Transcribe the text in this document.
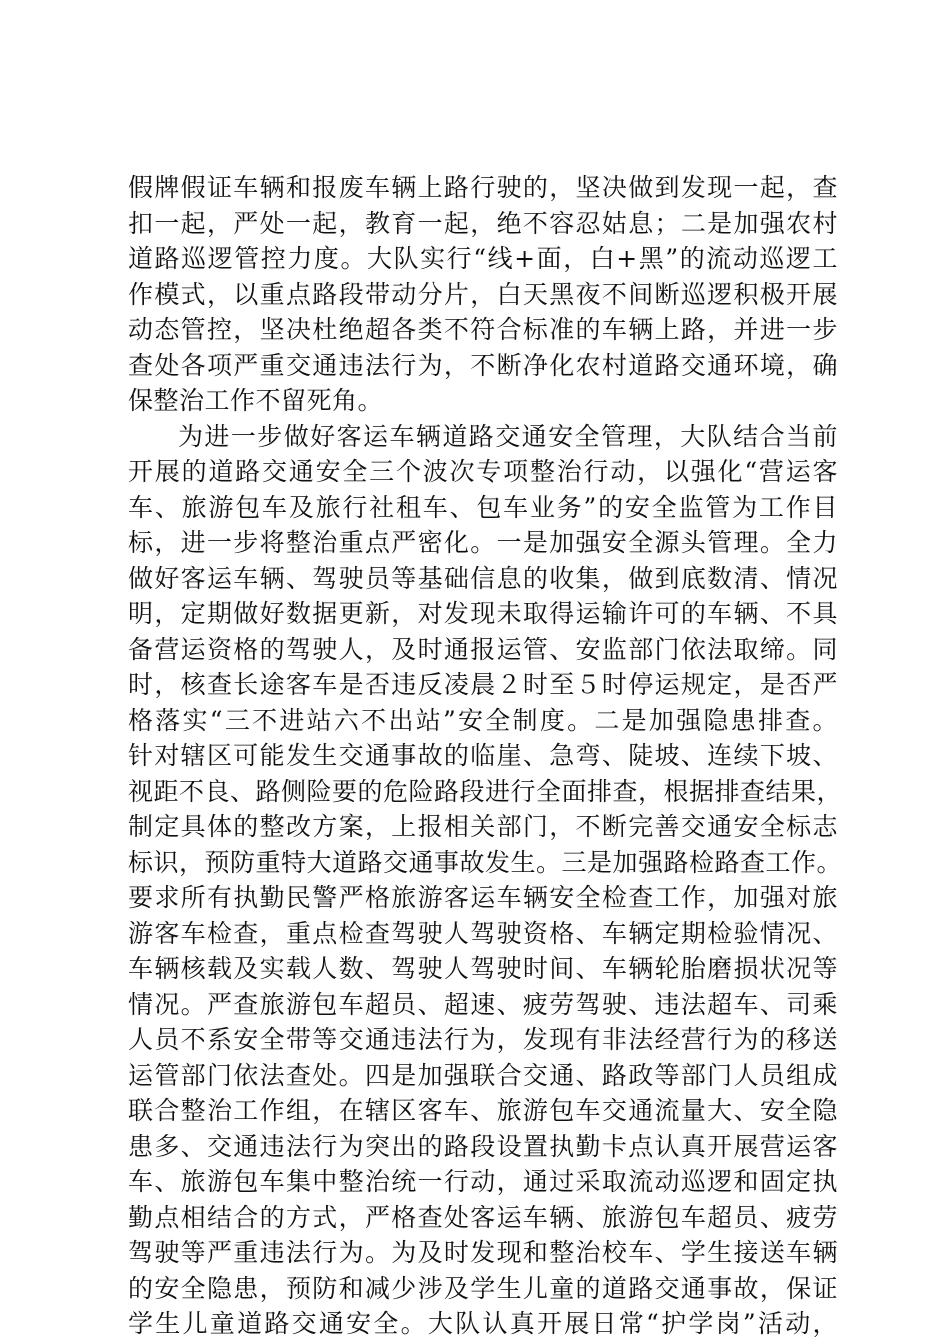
假牌假证车辆和报废车辆上路行驶的，坚决做到发现一起，查
扣一起，严处一起，教育一起，绝不容忍姑息；二是加强农村
道路巡逻管控力度。大队实行“线+面，白+黑”的流动巡逻工
作模式，以重点路段带动分片，白天黑夜不间断巡逻积极开展
动态管控，坚决杜绝超各类不符合标准的车辆上路，并进一步
查处各项严重交通违法行为，不断净化农村道路交通环境，确
保整治工作不留死角。
为进一步做好客运车辆道路交通安全管理，大队结合当前
开展的道路交通安全三个波次专项整治行动，以强化“营运客
车、旅游包车及旅行社租车、包车业务”的安全监管为工作目
标，进一步将整治重点严密化。一是加强安全源头管理。全力
做好客运车辆、驾驶员等基础信息的收集，做到底数清、情况
明，定期做好数据更新，对发现未取得运输许可的车辆、不具
备营运资格的驾驶人，及时通报运管、安监部门依法取缔。同
时，核查长途客车是否违反凌晨２时至５时停运规定，是否严
格落实“三不进站六不出站”安全制度。二是加强隐患排查。
针对辖区可能发生交通事故的临崖、急弯、陡坡、连续下坡、
视距不良、路侧险要的危险路段进行全面排查，根据排查结果，
制定具体的整改方案，上报相关部门，不断完善交通安全标志
标识，预防重特大道路交通事故发生。三是加强路检路查工作。
要求所有执勤民警严格旅游客运车辆安全检查工作，加强对旅
游客车检查，重点检查驾驶人驾驶资格、车辆定期检验情况、
车辆核载及实载人数、驾驶人驾驶时间、车辆轮胎磨损状况等
情况。严查旅游包车超员、超速、疲劳驾驶、违法超车、司乘
人员不系安全带等交通违法行为，发现有非法经营行为的移送
运管部门依法查处。四是加强联合交通、路政等部门人员组成
联合整治工作组，在辖区客车、旅游包车交通流量大、安全隐
患多、交通违法行为突出的路段设置执勤卡点认真开展营运客
车、旅游包车集中整治统一行动，通过采取流动巡逻和固定执
勤点相结合的方式，严格查处客运车辆、旅游包车超员、疲劳
驾驶等严重违法行为。为及时发现和整治校车、学生接送车辆
的安全隐患，预防和减少涉及学生儿童的道路交通事故，保证
学生儿童道路交通安全。大队认真开展日常“护学岗”活动，
